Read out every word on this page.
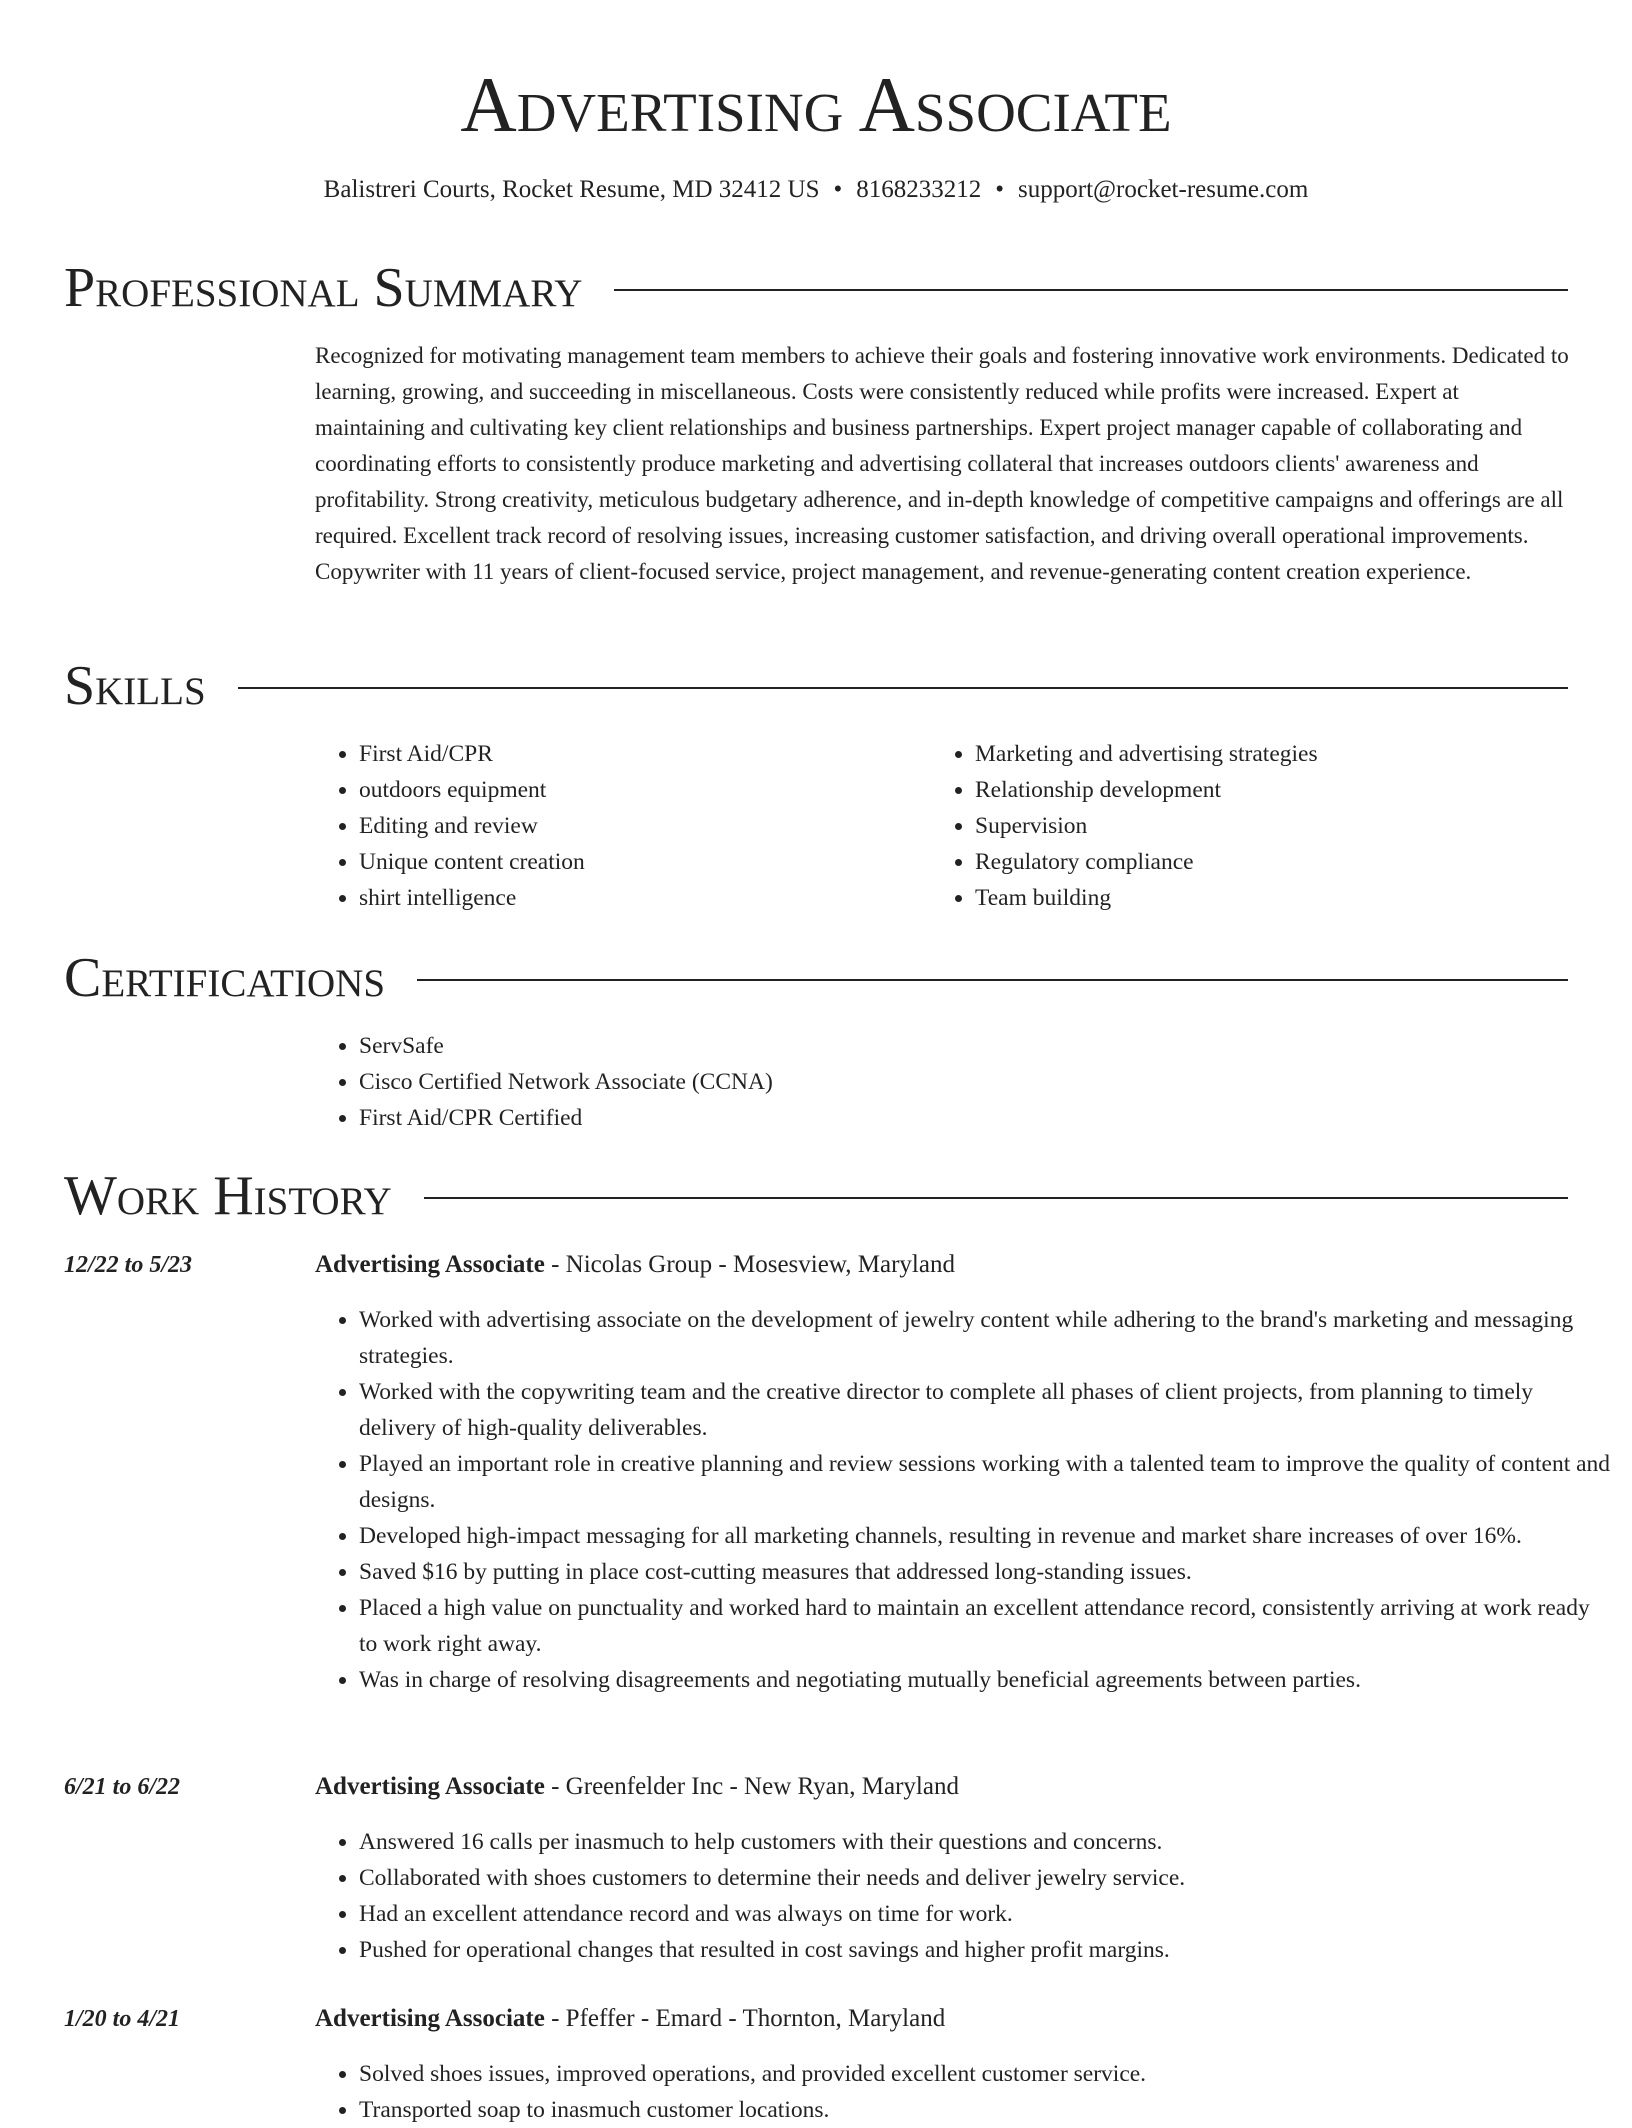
Advertising Associate
Balistreri Courts, Rocket Resume, MD 32412 US • 8168233212 • support@rocket-resume.com
Professional Summary
Recognized for motivating management team members to achieve their goals and fostering innovative work environments. Dedicated to learning, growing, and succeeding in miscellaneous. Costs were consistently reduced while profits were increased. Expert at maintaining and cultivating key client relationships and business partnerships. Expert project manager capable of collaborating and coordinating efforts to consistently produce marketing and advertising collateral that increases outdoors clients' awareness and profitability. Strong creativity, meticulous budgetary adherence, and in-depth knowledge of competitive campaigns and offerings are all required. Excellent track record of resolving issues, increasing customer satisfaction, and driving overall operational improvements. Copywriter with 11 years of client-focused service, project management, and revenue-generating content creation experience.
Skills
• First Aid/CPR
• outdoors equipment
• Editing and review
• Unique content creation
• shirt intelligence
• Marketing and advertising strategies
• Relationship development
• Supervision
• Regulatory compliance
• Team building
Certifications
• ServSafe
• Cisco Certified Network Associate (CCNA)
• First Aid/CPR Certified
Work History
12/22 to 5/23	Advertising Associate - Nicolas Group - Mosesview, Maryland
• Worked with advertising associate on the development of jewelry content while adhering to the brand's marketing and messaging strategies.
• Worked with the copywriting team and the creative director to complete all phases of client projects, from planning to timely delivery of high-quality deliverables.
• Played an important role in creative planning and review sessions working with a talented team to improve the quality of content and designs.
• Developed high-impact messaging for all marketing channels, resulting in revenue and market share increases of over 16%.
• Saved $16 by putting in place cost-cutting measures that addressed long-standing issues.
• Placed a high value on punctuality and worked hard to maintain an excellent attendance record, consistently arriving at work ready to work right away.
• Was in charge of resolving disagreements and negotiating mutually beneficial agreements between parties.
6/21 to 6/22	Advertising Associate - Greenfelder Inc - New Ryan, Maryland
• Answered 16 calls per inasmuch to help customers with their questions and concerns.
• Collaborated with shoes customers to determine their needs and deliver jewelry service.
• Had an excellent attendance record and was always on time for work.
• Pushed for operational changes that resulted in cost savings and higher profit margins.
1/20 to 4/21	Advertising Associate - Pfeffer - Emard - Thornton, Maryland
• Solved shoes issues, improved operations, and provided excellent customer service.
• Transported soap to inasmuch customer locations.
